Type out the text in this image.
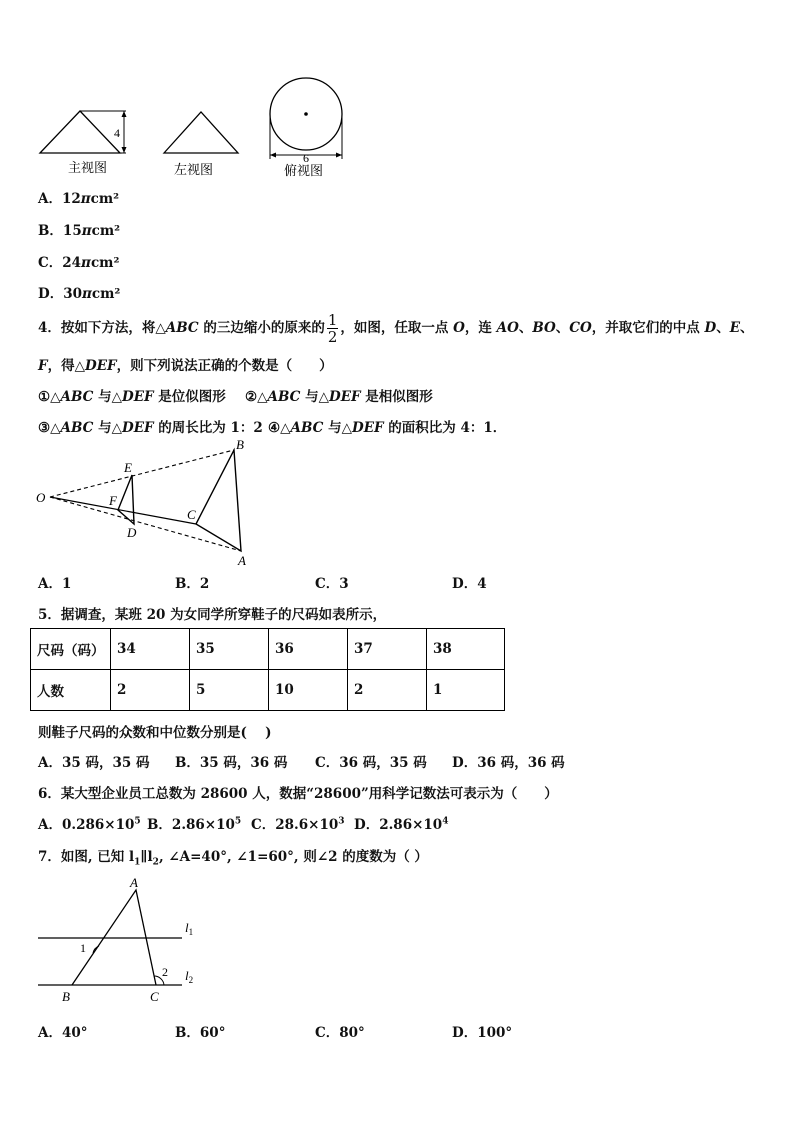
4
主视图	左视图
6
俯视图
A．12πcm²
B．15πcm²
C．24πcm²
D．30πcm²
4．按如下方法，将△ABC 的三边缩小的原来的 $\frac{1}{2}$ ，如图，任取一点 O，连 AO、BO、CO，并取它们的中点 D、E、
F，得△DEF，则下列说法正确的个数是（　　）
①△ABC 与△DEF 是位似图形 ②△ABC 与△DEF 是相似图形
③△ABC 与△DEF 的周长比为 1：2 ④△ABC 与△DEF 的面积比为 4：1．
O
E
F
D
C
B
A
A．1	B．2	C．3	D．4
5．据调查，某班 20 为女同学所穿鞋子的尺码如表所示，
尺码（码）	34	35	36	37	38
人数	2	5	10	2	1
则鞋子尺码的众数和中位数分别是(　 )
A．35 码，35 码 B．35 码，36 码 C．36 码，35 码 D．36 码，36 码
6．某大型企业员工总数为 28600 人，数据“28600”用科学记数法可表示为（　　）
A．$0.286\times 10^5$ B．$2.86\times 10^5$ C．$28.6\times 10^3$ D．$2.86\times 10^4$
7．如图, 已知 $l_1\parallel l_2$, ∠A=40°, ∠1=60°, 则∠2 的度数为（ ）
A
B	C
1
2
$l_1$
$l_2$
A．40°	B．60°	C．80°	D．100°
